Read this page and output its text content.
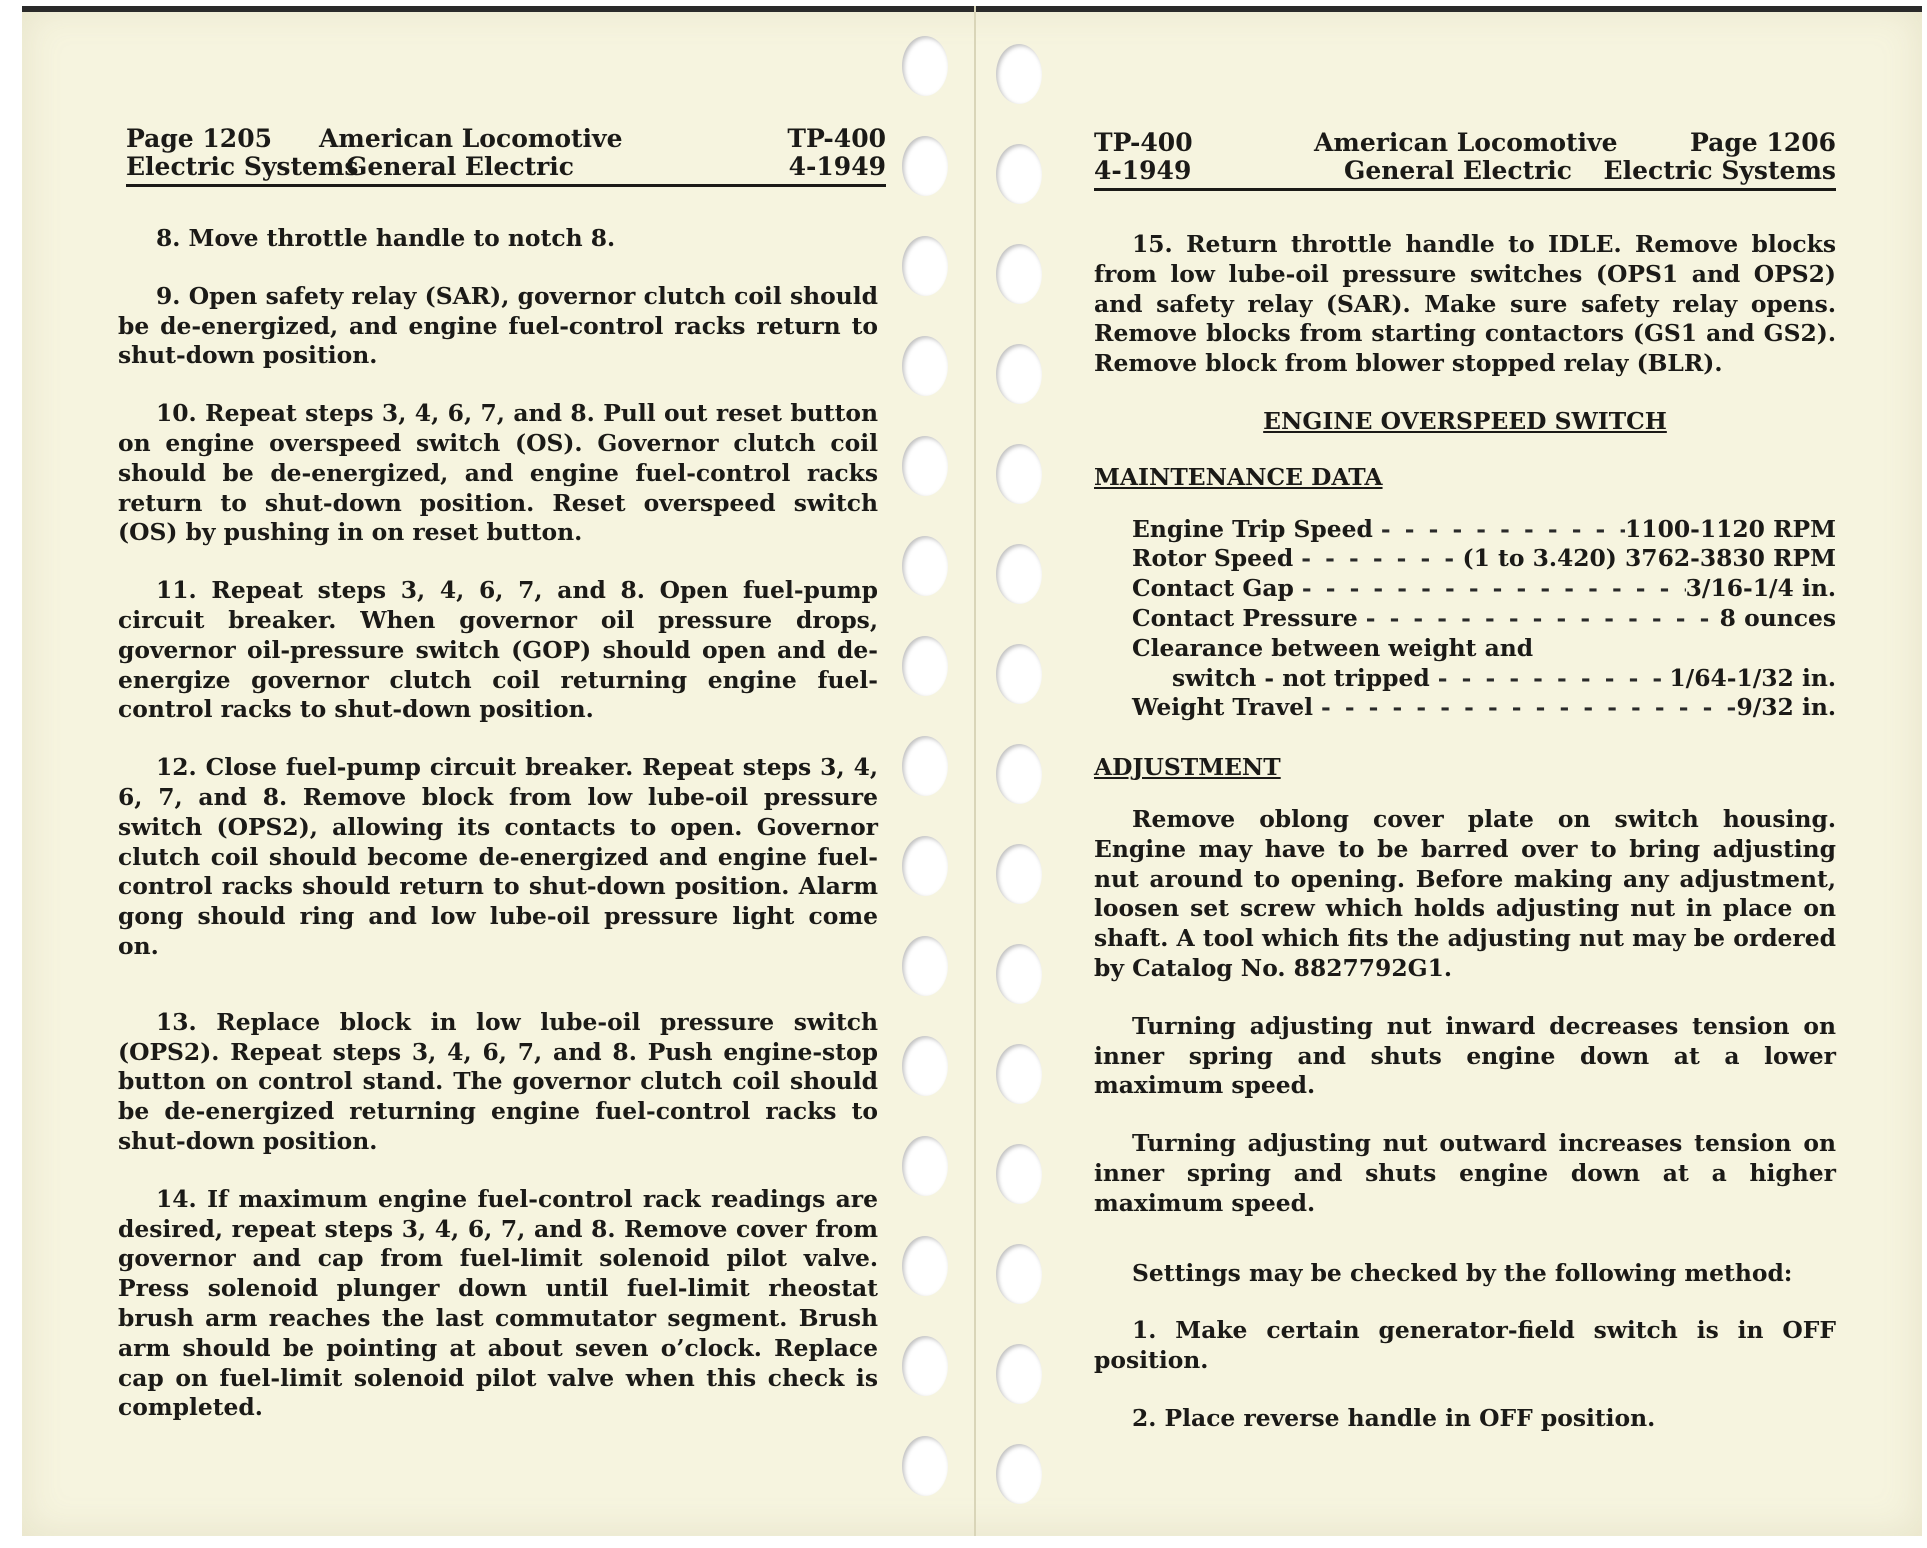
Page 1205
Electric Systems
American Locomotive
General Electric
TP-400
4-1949

8. Move throttle handle to notch 8.

9. Open safety relay (SAR), governor clutch coil should be de-energized, and engine fuel-control racks return to shut-down position.

10. Repeat steps 3, 4, 6, 7, and 8. Pull out reset button on engine overspeed switch (OS). Governor clutch coil should be de-energized, and engine fuel-control racks return to shut-down position. Reset overspeed switch (OS) by pushing in on reset button.

11. Repeat steps 3, 4, 6, 7, and 8. Open fuel-pump circuit breaker. When governor oil pressure drops, governor oil-pressure switch (GOP) should open and de-energize governor clutch coil returning engine fuel-control racks to shut-down position.

12. Close fuel-pump circuit breaker. Repeat steps 3, 4, 6, 7, and 8. Remove block from low lube-oil pressure switch (OPS2), allowing its contacts to open. Governor clutch coil should become de-energized and engine fuel-control racks should return to shut-down position. Alarm gong should ring and low lube-oil pressure light come on.

13. Replace block in low lube-oil pressure switch (OPS2). Repeat steps 3, 4, 6, 7, and 8. Push engine-stop button on control stand. The governor clutch coil should be de-energized returning engine fuel-control racks to shut-down position.

14. If maximum engine fuel-control rack readings are desired, repeat steps 3, 4, 6, 7, and 8. Remove cover from governor and cap from fuel-limit solenoid pilot valve. Press solenoid plunger down until fuel-limit rheostat brush arm reaches the last commutator segment. Brush arm should be pointing at about seven o’clock. Replace cap on fuel-limit solenoid pilot valve when this check is completed.

TP-400
4-1949
American Locomotive
General Electric
Page 1206
Electric Systems

15. Return throttle handle to IDLE. Remove blocks from low lube-oil pressure switches (OPS1 and OPS2) and safety relay (SAR). Make sure safety relay opens. Remove blocks from starting contactors (GS1 and GS2). Remove block from blower stopped relay (BLR).

ENGINE OVERSPEED SWITCH
MAINTENANCE DATA
Engine Trip Speed - - -	1100-1120 RPM
Rotor Speed - - -	(1 to 3.420) 3762-3830 RPM
Contact Gap - - -	3/16-1/4 in.
Contact Pressure - - -	8 ounces
Clearance between weight and
switch - not tripped - - -	1/64-1/32 in.
Weight Travel - - -	9/32 in.
ADJUSTMENT

Remove oblong cover plate on switch housing. Engine may have to be barred over to bring adjusting nut around to opening. Before making any adjustment, loosen set screw which holds adjusting nut in place on shaft. A tool which fits the adjusting nut may be ordered by Catalog No. 8827792G1.

Turning adjusting nut inward decreases tension on inner spring and shuts engine down at a lower maximum speed.

Turning adjusting nut outward increases tension on inner spring and shuts engine down at a higher maximum speed.

Settings may be checked by the following method:

1. Make certain generator-field switch is in OFF position.

2. Place reverse handle in OFF position.
